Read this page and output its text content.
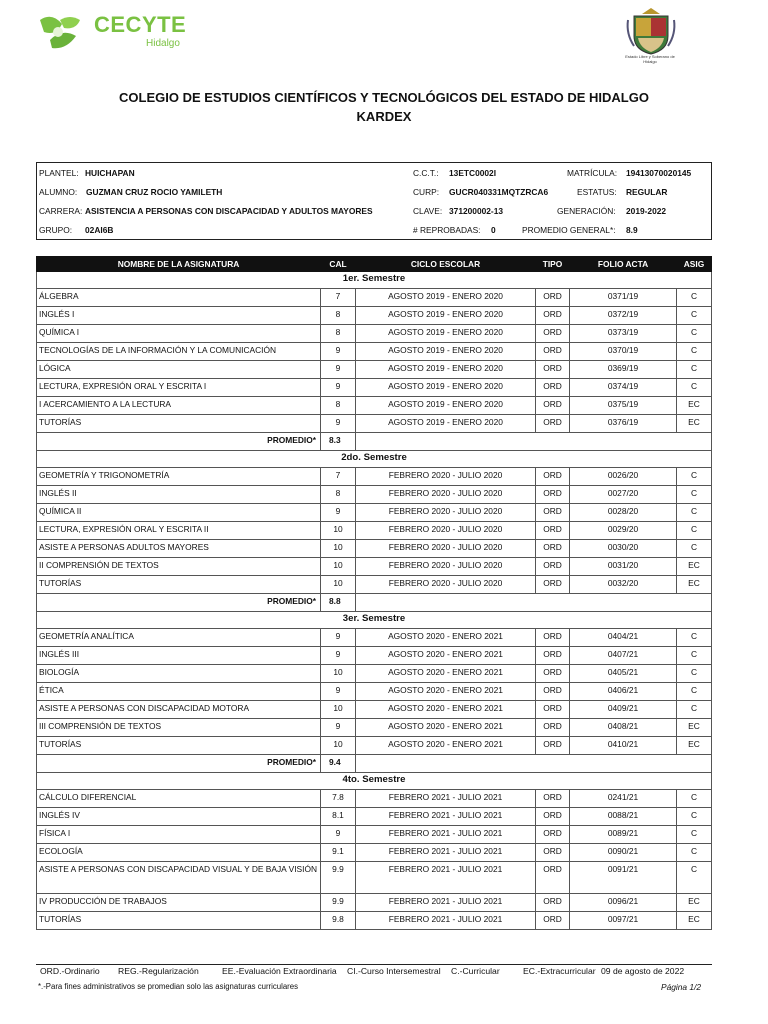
CECYTE
Hidalgo
Estado Libre y Soberano de Hidalgo
COLEGIO DE ESTUDIOS CIENTÍFICOS Y TECNOLÓGICOS DEL ESTADO DE HIDALGO
KARDEX
PLANTEL: HUICHAPAN	C.C.T.: 13ETC0002I	MATRÍCULA: 19413070020145
ALUMNO: GUZMAN CRUZ ROCIO YAMILETH	CURP: GUCR040331MQTZRCA6	ESTATUS: REGULAR
CARRERA: ASISTENCIA A PERSONAS CON DISCAPACIDAD Y ADULTOS MAYORES	CLAVE: 371200002-13	GENERACIÓN: 2019-2022
GRUPO: 02AI6B	# REPROBADAS: 0	PROMEDIO GENERAL*: 8.9
NOMBRE DE LA ASIGNATURA	CAL	CICLO ESCOLAR	TIPO	FOLIO ACTA	ASIG
1er. Semestre					
ÁLGEBRA	7	AGOSTO 2019 - ENERO 2020	ORD	0371/19	C
INGLÉS I	8	AGOSTO 2019 - ENERO 2020	ORD	0372/19	C
QUÍMICA I	8	AGOSTO 2019 - ENERO 2020	ORD	0373/19	C
TECNOLOGÍAS DE LA INFORMACIÓN Y LA COMUNICACIÓN	9	AGOSTO 2019 - ENERO 2020	ORD	0370/19	C
LÓGICA	9	AGOSTO 2019 - ENERO 2020	ORD	0369/19	C
LECTURA, EXPRESIÓN ORAL Y ESCRITA I	9	AGOSTO 2019 - ENERO 2020	ORD	0374/19	C
I ACERCAMIENTO A LA LECTURA	8	AGOSTO 2019 - ENERO 2020	ORD	0375/19	EC
TUTORÍAS	9	AGOSTO 2019 - ENERO 2020	ORD	0376/19	EC
PROMEDIO*	8.3				
2do. Semestre					
GEOMETRÍA Y TRIGONOMETRÍA	7	FEBRERO 2020 - JULIO 2020	ORD	0026/20	C
INGLÉS II	8	FEBRERO 2020 - JULIO 2020	ORD	0027/20	C
QUÍMICA II	9	FEBRERO 2020 - JULIO 2020	ORD	0028/20	C
LECTURA, EXPRESIÓN ORAL Y ESCRITA II	10	FEBRERO 2020 - JULIO 2020	ORD	0029/20	C
ASISTE A PERSONAS ADULTOS MAYORES	10	FEBRERO 2020 - JULIO 2020	ORD	0030/20	C
II COMPRENSIÓN DE TEXTOS	10	FEBRERO 2020 - JULIO 2020	ORD	0031/20	EC
TUTORÍAS	10	FEBRERO 2020 - JULIO 2020	ORD	0032/20	EC
PROMEDIO*	8.8				
3er. Semestre					
GEOMETRÍA ANALÍTICA	9	AGOSTO 2020 - ENERO 2021	ORD	0404/21	C
INGLÉS III	9	AGOSTO 2020 - ENERO 2021	ORD	0407/21	C
BIOLOGÍA	10	AGOSTO 2020 - ENERO 2021	ORD	0405/21	C
ÉTICA	9	AGOSTO 2020 - ENERO 2021	ORD	0406/21	C
ASISTE A PERSONAS CON DISCAPACIDAD MOTORA	10	AGOSTO 2020 - ENERO 2021	ORD	0409/21	C
III COMPRENSIÓN DE TEXTOS	9	AGOSTO 2020 - ENERO 2021	ORD	0408/21	EC
TUTORÍAS	10	AGOSTO 2020 - ENERO 2021	ORD	0410/21	EC
PROMEDIO*	9.4				
4to. Semestre					
CÁLCULO DIFERENCIAL	7.8	FEBRERO 2021 - JULIO 2021	ORD	0241/21	C
INGLÉS IV	8.1	FEBRERO 2021 - JULIO 2021	ORD	0088/21	C
FÍSICA I	9	FEBRERO 2021 - JULIO 2021	ORD	0089/21	C
ECOLOGÍA	9.1	FEBRERO 2021 - JULIO 2021	ORD	0090/21	C
ASISTE A PERSONAS CON DISCAPACIDAD VISUAL Y DE BAJA VISIÓN	9.9	FEBRERO 2021 - JULIO 2021	ORD	0091/21	C
IV PRODUCCIÓN DE TRABAJOS	9.9	FEBRERO 2021 - JULIO 2021	ORD	0096/21	EC
TUTORÍAS	9.8	FEBRERO 2021 - JULIO 2021	ORD	0097/21	EC
ORD.-Ordinario REG.-Regularización	EE.-Evaluación Extraordinaria CI.-Curso Intersemestral C.-Curricular	EC.-Extracurricular 09 de agosto de 2022
*.-Para fines administrativos se promedian solo las asignaturas curriculares	Página 1/2
